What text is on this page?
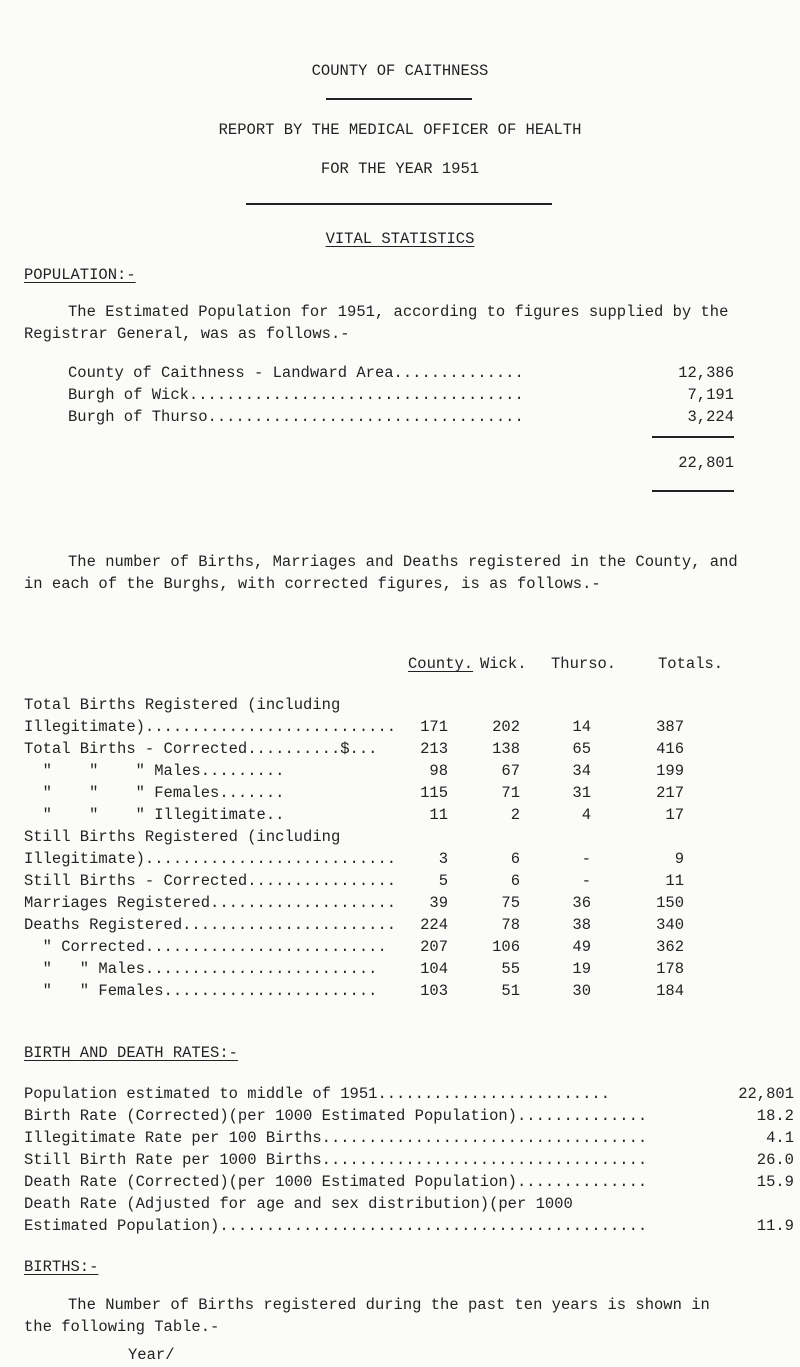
COUNTY OF CAITHNESS
REPORT BY THE MEDICAL OFFICER OF HEALTH
FOR THE YEAR 1951
VITAL STATISTICS
POPULATION:-
The Estimated Population for 1951, according to figures supplied by the
Registrar General, was as follows.-
County of Caithness - Landward Area..............	12,386
Burgh of Wick....................................	7,191
Burgh of Thurso..................................	3,224
22,801
The number of Births, Marriages and Deaths registered in the County, and
in each of the Burghs, with corrected figures, is as follows.-
County. Wick. Thurso.	Totals.
Total Births Registered (including
Illegitimate)...........................	171	202	14	387
Total Births - Corrected..........$...	213	138	65	416
"    "    " Males.........	98	67	34	199
"    "    " Females.......	115	71	31	217
"    "    " Illegitimate..	11	2	4	17
Still Births Registered (including
Illegitimate)...........................	3	6	-	9
Still Births - Corrected................	5	6	-	11
Marriages Registered....................	39	75	36	150
Deaths Registered.......................	224	78	38	340
" Corrected..........................	207	106	49	362
"   " Males.........................	104	55	19	178
"   " Females.......................	103	51	30	184
BIRTH AND DEATH RATES:-
Population estimated to middle of 1951.........................	22,801
Birth Rate (Corrected)(per 1000 Estimated Population)..............	18.2
Illegitimate Rate per 100 Births...................................	4.1
Still Birth Rate per 1000 Births...................................	26.0
Death Rate (Corrected)(per 1000 Estimated Population)..............	15.9
Death Rate (Adjusted for age and sex distribution)(per 1000
Estimated Population)..............................................	11.9
BIRTHS:-
The Number of Births registered during the past ten years is shown in
the following Table.-
Year/
